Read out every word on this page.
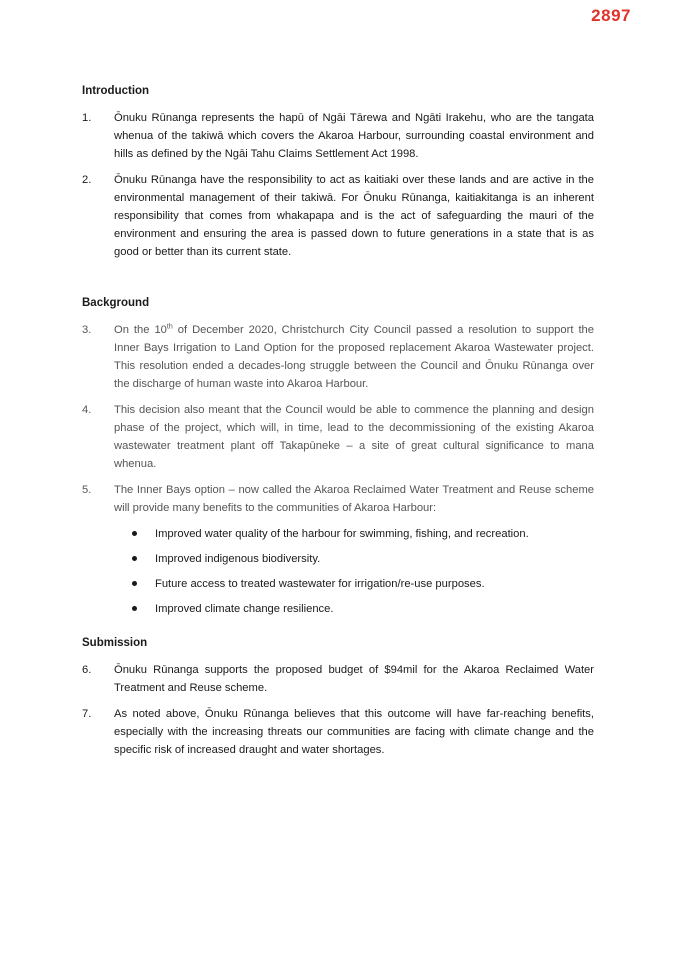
2897
Introduction
1. Ōnuku Rūnanga represents the hapū of Ngāi Tārewa and Ngāti Irakehu, who are the tangata whenua of the takiwā which covers the Akaroa Harbour, surrounding coastal environment and hills as defined by the Ngāi Tahu Claims Settlement Act 1998.
2. Ōnuku Rūnanga have the responsibility to act as kaitiaki over these lands and are active in the environmental management of their takiwā. For Ōnuku Rūnanga, kaitiakitanga is an inherent responsibility that comes from whakapapa and is the act of safeguarding the mauri of the environment and ensuring the area is passed down to future generations in a state that is as good or better than its current state.
Background
3. On the 10th of December 2020, Christchurch City Council passed a resolution to support the Inner Bays Irrigation to Land Option for the proposed replacement Akaroa Wastewater project. This resolution ended a decades-long struggle between the Council and Ōnuku Rūnanga over the discharge of human waste into Akaroa Harbour.
4. This decision also meant that the Council would be able to commence the planning and design phase of the project, which will, in time, lead to the decommissioning of the existing Akaroa wastewater treatment plant off Takapūneke – a site of great cultural significance to mana whenua.
5. The Inner Bays option – now called the Akaroa Reclaimed Water Treatment and Reuse scheme will provide many benefits to the communities of Akaroa Harbour:
Improved water quality of the harbour for swimming, fishing, and recreation.
Improved indigenous biodiversity.
Future access to treated wastewater for irrigation/re-use purposes.
Improved climate change resilience.
Submission
6. Ōnuku Rūnanga supports the proposed budget of $94mil for the Akaroa Reclaimed Water Treatment and Reuse scheme.
7. As noted above, Ōnuku Rūnanga believes that this outcome will have far-reaching benefits, especially with the increasing threats our communities are facing with climate change and the specific risk of increased draught and water shortages.
